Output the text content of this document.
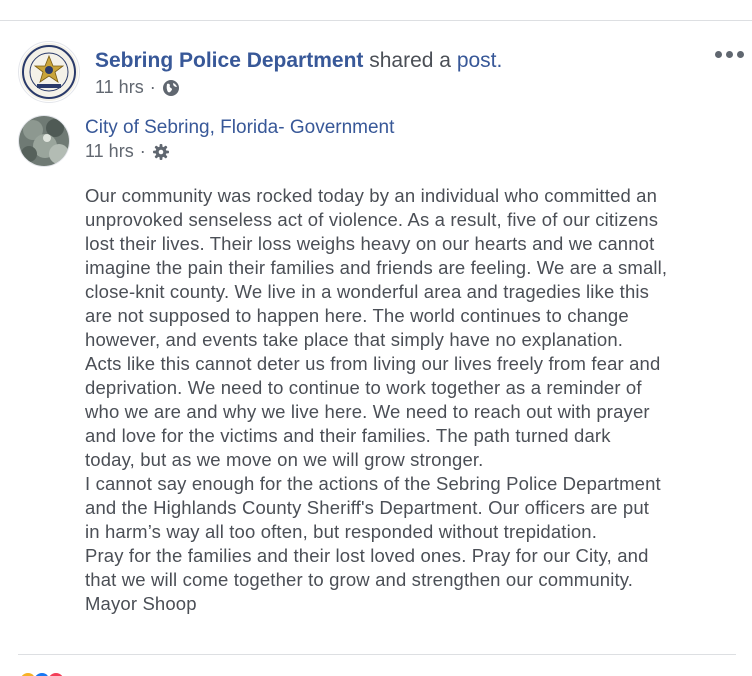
Sebring Police Department shared a post.
11 hrs ·
City of Sebring, Florida- Government
11 hrs ·
Our community was rocked today by an individual who committed an
unprovoked senseless act of violence. As a result, five of our citizens
lost their lives. Their loss weighs heavy on our hearts and we cannot
imagine the pain their families and friends are feeling. We are a small,
close-knit county. We live in a wonderful area and tragedies like this
are not supposed to happen here. The world continues to change
however, and events take place that simply have no explanation.
Acts like this cannot deter us from living our lives freely from fear and
deprivation. We need to continue to work together as a reminder of
who we are and why we live here. We need to reach out with prayer
and love for the victims and their families. The path turned dark
today, but as we move on we will grow stronger.
I cannot say enough for the actions of the Sebring Police Department
and the Highlands County Sheriff's Department. Our officers are put
in harm’s way all too often, but responded without trepidation.
Pray for the families and their lost loved ones. Pray for our City, and
that we will come together to grow and strengthen our community.
Mayor Shoop
